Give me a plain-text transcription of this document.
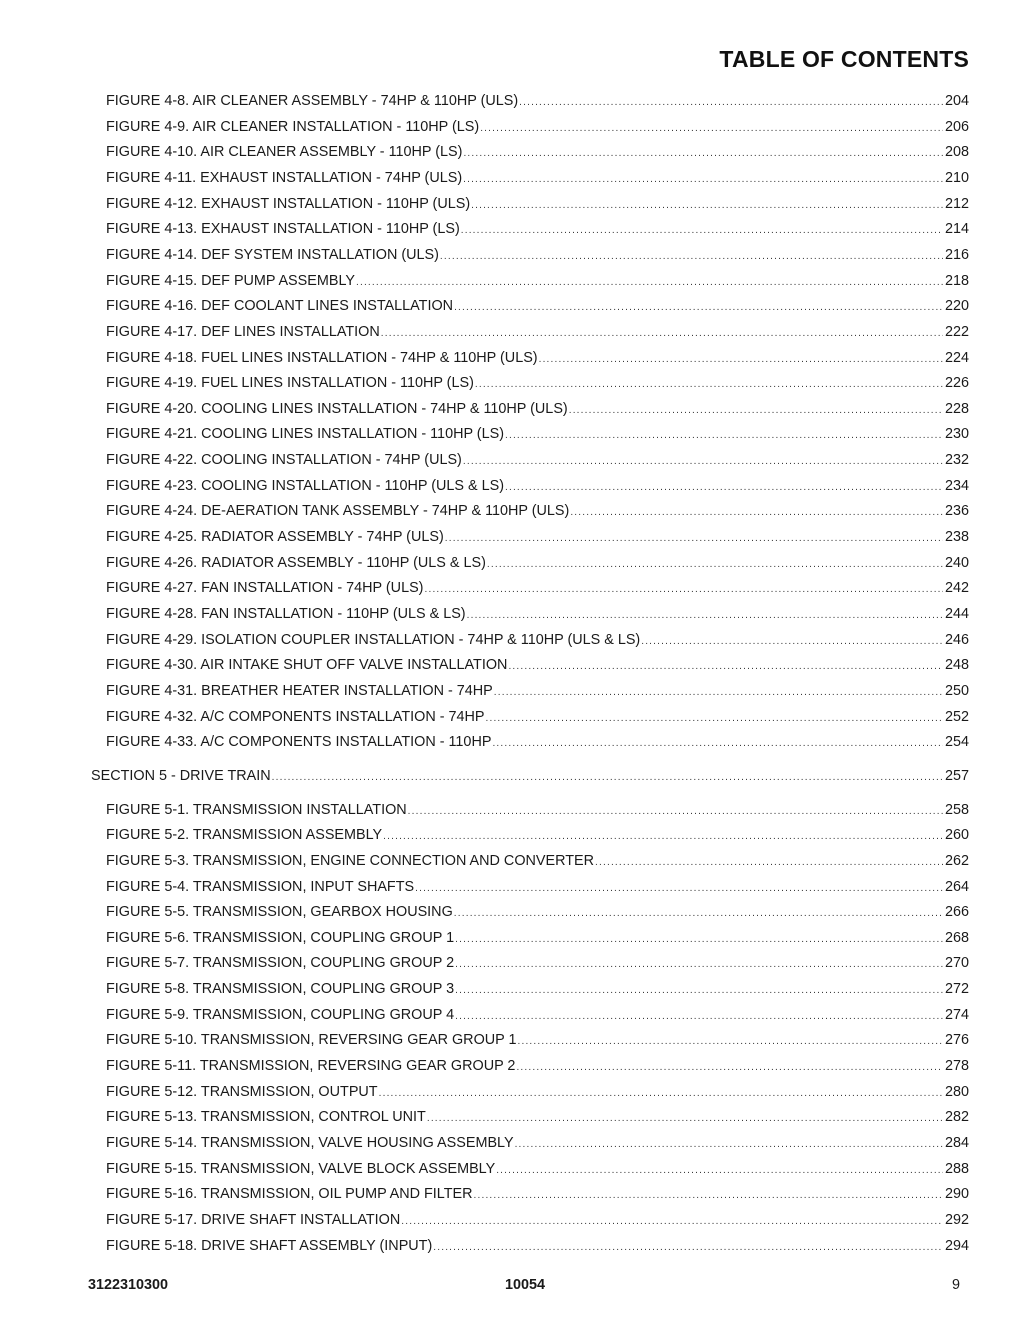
TABLE OF CONTENTS
FIGURE 4-8. AIR CLEANER ASSEMBLY - 74HP & 110HP (ULS) .....	204
FIGURE 4-9. AIR CLEANER INSTALLATION - 110HP (LS) .....	206
FIGURE 4-10. AIR CLEANER ASSEMBLY - 110HP (LS) .....	208
FIGURE 4-11. EXHAUST INSTALLATION - 74HP (ULS) .....	210
FIGURE 4-12. EXHAUST INSTALLATION - 110HP (ULS) .....	212
FIGURE 4-13. EXHAUST INSTALLATION - 110HP (LS) .....	214
FIGURE 4-14. DEF SYSTEM INSTALLATION (ULS) .....	216
FIGURE 4-15. DEF PUMP ASSEMBLY .....	218
FIGURE 4-16. DEF COOLANT LINES INSTALLATION .....	220
FIGURE 4-17. DEF LINES INSTALLATION .....	222
FIGURE 4-18. FUEL LINES INSTALLATION - 74HP & 110HP (ULS) .....	224
FIGURE 4-19. FUEL LINES INSTALLATION - 110HP (LS) .....	226
FIGURE 4-20. COOLING LINES INSTALLATION - 74HP & 110HP (ULS) .....	228
FIGURE 4-21. COOLING LINES INSTALLATION - 110HP (LS) .....	230
FIGURE 4-22. COOLING INSTALLATION - 74HP (ULS) .....	232
FIGURE 4-23. COOLING INSTALLATION - 110HP (ULS & LS) .....	234
FIGURE 4-24. DE-AERATION TANK ASSEMBLY - 74HP & 110HP (ULS) .....	236
FIGURE 4-25. RADIATOR ASSEMBLY - 74HP (ULS) .....	238
FIGURE 4-26. RADIATOR ASSEMBLY - 110HP (ULS & LS) .....	240
FIGURE 4-27. FAN INSTALLATION - 74HP (ULS) .....	242
FIGURE 4-28. FAN INSTALLATION - 110HP (ULS & LS) .....	244
FIGURE 4-29. ISOLATION COUPLER INSTALLATION - 74HP & 110HP (ULS & LS) .....	246
FIGURE 4-30. AIR INTAKE SHUT OFF VALVE INSTALLATION .....	248
FIGURE 4-31. BREATHER HEATER INSTALLATION - 74HP .....	250
FIGURE 4-32. A/C COMPONENTS INSTALLATION - 74HP .....	252
FIGURE 4-33. A/C COMPONENTS INSTALLATION - 110HP .....	254
SECTION 5 - DRIVE TRAIN .....	257
FIGURE 5-1. TRANSMISSION INSTALLATION .....	258
FIGURE 5-2. TRANSMISSION ASSEMBLY .....	260
FIGURE 5-3. TRANSMISSION, ENGINE CONNECTION AND CONVERTER .....	262
FIGURE 5-4. TRANSMISSION, INPUT SHAFTS .....	264
FIGURE 5-5. TRANSMISSION, GEARBOX HOUSING .....	266
FIGURE 5-6. TRANSMISSION, COUPLING GROUP 1 .....	268
FIGURE 5-7. TRANSMISSION, COUPLING GROUP 2 .....	270
FIGURE 5-8. TRANSMISSION, COUPLING GROUP 3 .....	272
FIGURE 5-9. TRANSMISSION, COUPLING GROUP 4 .....	274
FIGURE 5-10. TRANSMISSION, REVERSING GEAR GROUP 1 .....	276
FIGURE 5-11. TRANSMISSION, REVERSING GEAR GROUP 2 .....	278
FIGURE 5-12. TRANSMISSION, OUTPUT .....	280
FIGURE 5-13. TRANSMISSION, CONTROL UNIT .....	282
FIGURE 5-14. TRANSMISSION, VALVE HOUSING ASSEMBLY .....	284
FIGURE 5-15. TRANSMISSION, VALVE BLOCK ASSEMBLY .....	288
FIGURE 5-16. TRANSMISSION, OIL PUMP AND FILTER .....	290
FIGURE 5-17. DRIVE SHAFT INSTALLATION .....	292
FIGURE 5-18. DRIVE SHAFT ASSEMBLY (INPUT) .....	294
3122310300	10054	9
